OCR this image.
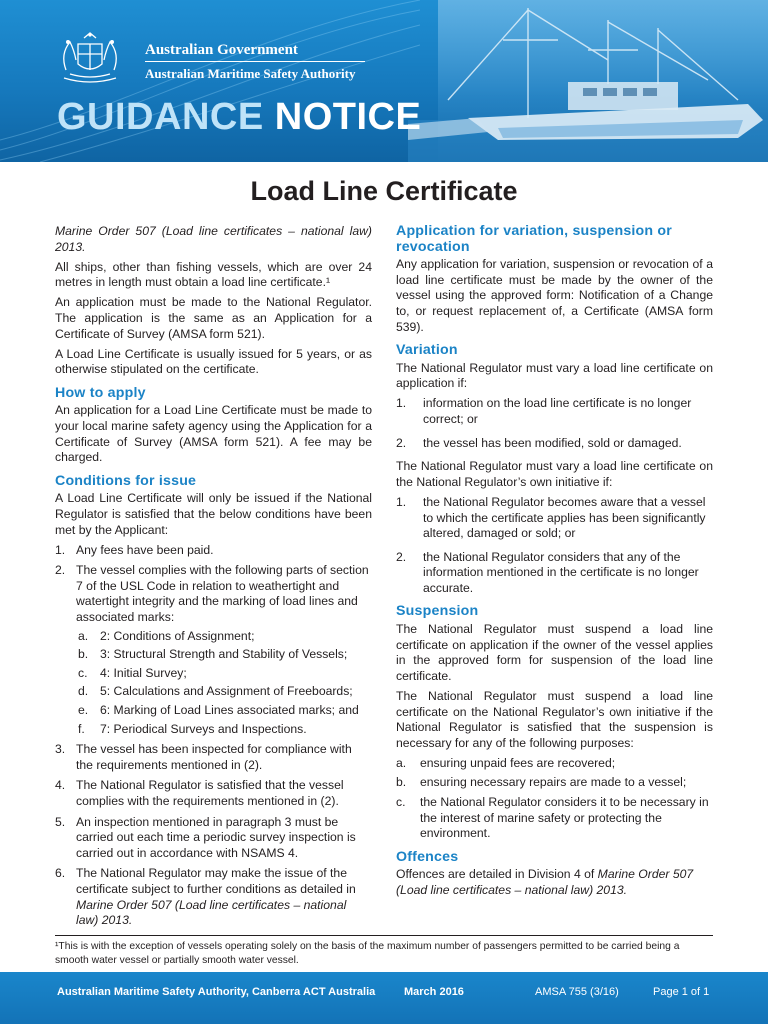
Australian Government
Australian Maritime Safety Authority
GUIDANCE NOTICE
Load Line Certificate

Marine Order 507 (Load line certificates – national law) 2013.

All ships, other than fishing vessels, which are over 24 metres in length must obtain a load line certificate.¹

An application must be made to the National Regulator. The application is the same as an Application for a Certificate of Survey (AMSA form 521).

A Load Line Certificate is usually issued for 5 years, or as otherwise stipulated on the certificate.

How to apply

An application for a Load Line Certificate must be made to your local marine safety agency using the Application for a Certificate of Survey (AMSA form 521). A fee may be charged.

Conditions for issue

A Load Line Certificate will only be issued if the National Regulator is satisfied that the below conditions have been met by the Applicant:

1. Any fees have been paid.
2. The vessel complies with the following parts of section 7 of the USL Code in relation to weathertight and watertight integrity and the marking of load lines and associated marks:
a. 2: Conditions of Assignment;
b. 3: Structural Strength and Stability of Vessels;
c. 4: Initial Survey;
d. 5: Calculations and Assignment of Freeboards;
e. 6: Marking of Load Lines associated marks; and
f. 7: Periodical Surveys and Inspections.
3. The vessel has been inspected for compliance with the requirements mentioned in (2).
4. The National Regulator is satisfied that the vessel complies with the requirements mentioned in (2).
5. An inspection mentioned in paragraph 3 must be carried out each time a periodic survey inspection is carried out in accordance with NSAMS 4.
6. The National Regulator may make the issue of the certificate subject to further conditions as detailed in Marine Order 507 (Load line certificates – national law) 2013.
Application for variation, suspension or revocation

Any application for variation, suspension or revocation of a load line certificate must be made by the owner of the vessel using the approved form: Notification of a Change to, or request replacement of, a Certificate (AMSA form 539).

Variation

The National Regulator must vary a load line certificate on application if:

1. information on the load line certificate is no longer correct; or
2. the vessel has been modified, sold or damaged.

The National Regulator must vary a load line certificate on the National Regulator’s own initiative if:

1. the National Regulator becomes aware that a vessel to which the certificate applies has been significantly altered, damaged or sold; or
2. the National Regulator considers that any of the information mentioned in the certificate is no longer accurate.
Suspension

The National Regulator must suspend a load line certificate on application if the owner of the vessel applies in the approved form for suspension of the load line certificate.

The National Regulator must suspend a load line certificate on the National Regulator’s own initiative if the National Regulator is satisfied that the suspension is necessary for any of the following purposes:

a. ensuring unpaid fees are recovered;
b. ensuring necessary repairs are made to a vessel;
c. the National Regulator considers it to be necessary in the interest of marine safety or protecting the environment.
Offences

Offences are detailed in Division 4 of Marine Order 507 (Load line certificates – national law) 2013.

¹This is with the exception of vessels operating solely on the basis of the maximum number of passengers permitted to be carried being a smooth water vessel or partially smooth water vessel.
Australian Maritime Safety Authority, Canberra ACT Australia	March 2016	AMSA 755 (3/16)	Page 1 of 1
